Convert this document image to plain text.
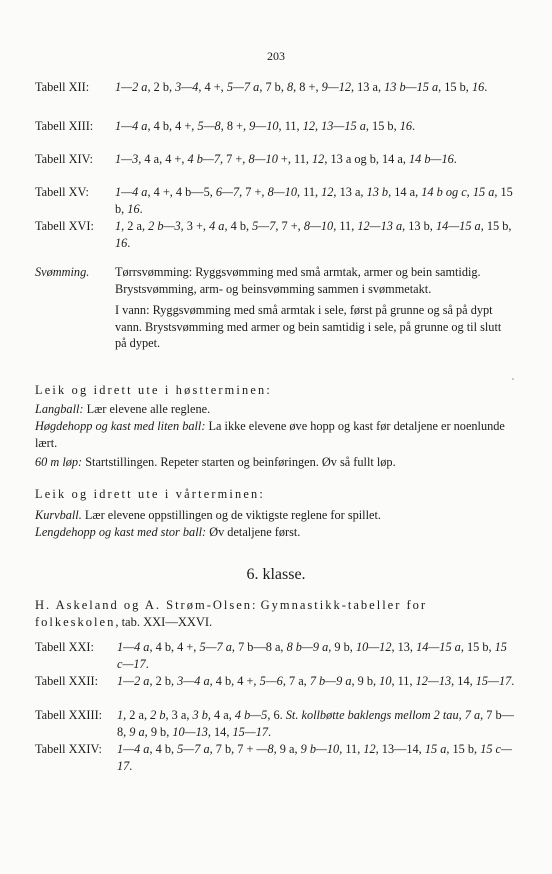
203
Tabell XII: 1—2 a, 2 b, 3—4, 4 +, 5—7 a, 7 b, 8, 8 +, 9—12, 13 a, 13 b—15 a, 15 b, 16.
Tabell XIII: 1—4 a, 4 b, 4 +, 5—8, 8 +, 9—10, 11, 12, 13—15 a, 15 b, 16.
Tabell XIV: 1—3, 4 a, 4 +, 4 b—7, 7 +, 8—10 +, 11, 12, 13 a og b, 14 a, 14 b—16.
Tabell XV: 1—4 a, 4 +, 4 b—5, 6—7, 7 +, 8—10, 11, 12, 13 a, 13 b, 14 a, 14 b og c, 15 a, 15 b, 16.
Tabell XVI: 1, 2 a, 2 b—3, 3 +, 4 a, 4 b, 5—7, 7 +, 8—10, 11, 12—13 a, 13 b, 14—15 a, 15 b, 16.
Svømming. Tørrsvømming: Ryggsvømming med små armtak, armer og bein samtidig. Brystsvømming, arm- og beinsvømming sammen i svømmetakt.

I vann: Ryggsvømming med små armtak i sele, først på grunne og så på dypt vann. Brystsvømming med armer og bein samtidig i sele, på grunne og til slutt på dypet.

Leik og idrett ute i høstterminen:
Langball: Lær elevene alle reglene.
Høgdehopp og kast med liten ball: La ikke elevene øve hopp og kast før detaljene er noenlunde lært.
60 m løp: Startstillingen. Repeter starten og beinføringen. Øv så fullt løp.
Leik og idrett ute i vårterminen:
Kurvball. Lær elevene oppstillingen og de viktigste reglene for spillet.
Lengdehopp og kast med stor ball: Øv detaljene først.
6. klasse.
H. Askeland og A. Strøm-Olsen: Gymnastikk-tabeller for folkeskolen, tab. XXI—XXVI.
Tabell XXI: 1—4 a, 4 b, 4 +, 5—7 a, 7 b—8 a, 8 b—9 a, 9 b, 10—12, 13, 14—15 a, 15 b, 15 c—17.
Tabell XXII: 1—2 a, 2 b, 3—4 a, 4 b, 4 +, 5—6, 7 a, 7 b—9 a, 9 b, 10, 11, 12—13, 14, 15—17.
Tabell XXIII: 1, 2 a, 2 b, 3 a, 3 b, 4 a, 4 b—5, 6. St. kollbøtte baklengs mellom 2 tau, 7 a, 7 b—8, 9 a, 9 b, 10—13, 14, 15—17.
Tabell XXIV: 1—4 a, 4 b, 5—7 a, 7 b, 7 + —8, 9 a, 9 b—10, 11, 12, 13—14, 15 a, 15 b, 15 c—17.
